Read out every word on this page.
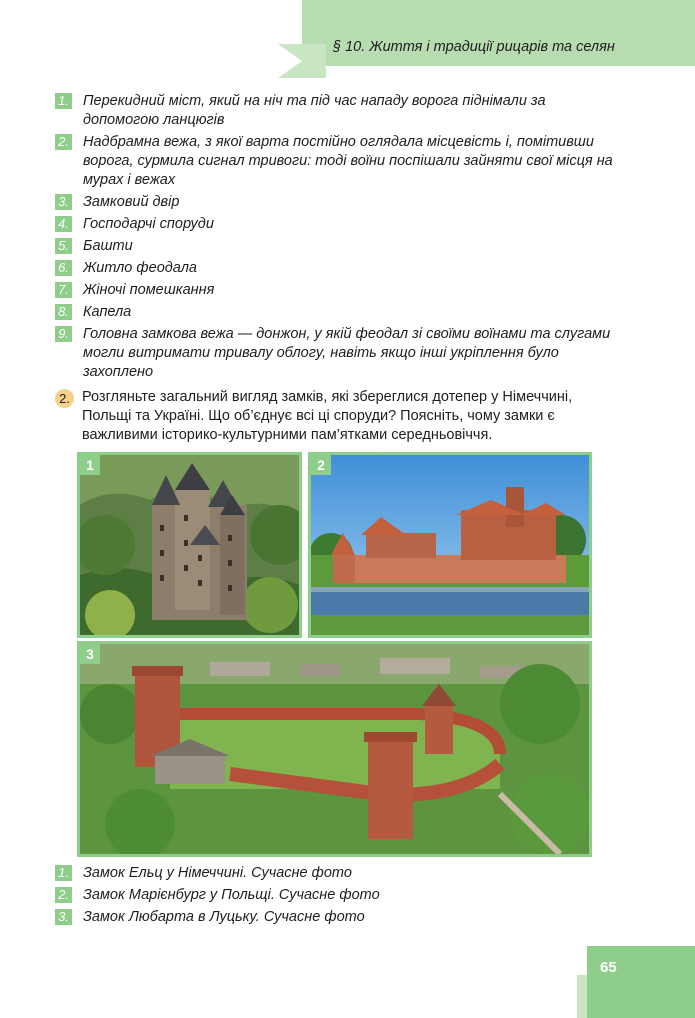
§ 10. Життя і традиції рицарів та селян
1. Перекидний міст, який на ніч та під час нападу ворога піднімали за допомогою ланцюгів
2. Надбрамна вежа, з якої варта постійно оглядала місцевість і, помітивши ворога, сурмила сигнал тривоги: тоді воїни поспішали зайняти свої місця на мурах і вежах
3. Замковий двір
4. Господарчі споруди
5. Башти
6. Житло феодала
7. Жіночі помешкання
8. Капела
9. Головна замкова вежа — донжон, у якій феодал зі своїми воїнами та слугами могли витримати тривалу облогу, навіть якщо інші укріплення було захоплено
2. Розгляньте загальний вигляд замків, які збереглися дотепер у Німеччині, Польщі та Україні. Що об’єднує всі ці споруди? Поясніть, чому замки є важливими історико-культурними пам’ятками середньовіччя.
1	2
3
1. Замок Ельц у Німеччині. Сучасне фото
2. Замок Марієнбург у Польщі. Сучасне фото
3. Замок Любарта в Луцьку. Сучасне фото
65
